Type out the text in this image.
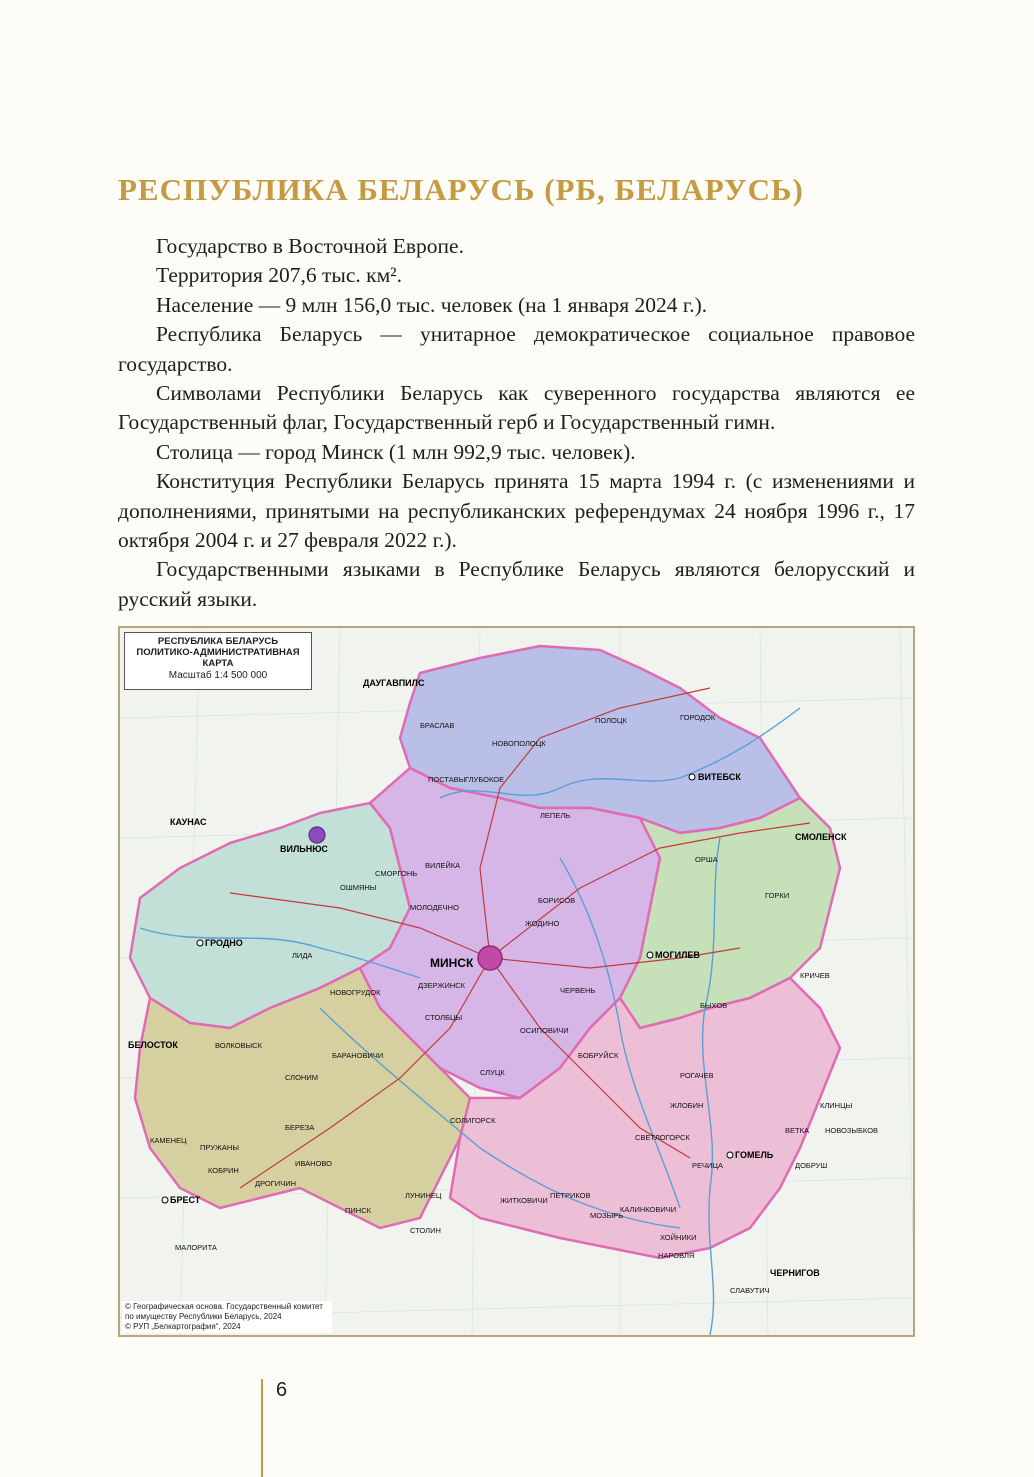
РЕСПУБЛИКА БЕЛАРУСЬ (РБ, БЕЛАРУСЬ)

Государство в Восточной Европе.

Территория 207,6 тыс. км².

Население — 9 млн 156,0 тыс. человек (на 1 января 2024 г.).

Республика Беларусь — унитарное демократическое социальное правовое государство.

Символами Республики Беларусь как суверенного государства являются ее Государственный флаг, Государственный герб и Государственный гимн.

Столица — город Минск (1 млн 992,9 тыс. человек).

Конституция Республики Беларусь принята 15 марта 1994 г. (с изменениями и дополнениями, принятыми на республиканских референдумах 24 ноября 1996 г., 17 октября 2004 г. и 27 февраля 2022 г.).

Государственными языками в Республике Беларусь являются белорусский и русский языки.

МИНСК
ВИТЕБСК
МОГИЛЕВ
ГРОДНО
БРЕСТ
ГОМЕЛЬ
ВИЛЬНЮС
КАУНАС
СМОЛЕНСК
БЕЛОСТОК
ЧЕРНИГОВ
ДАУГАВПИЛС
ПОЛОЦК
НОВОПОЛОЦК
ОРША
БОРИСОВ
ЛИДА
БАРАНОВИЧИ	БОБРУЙСК
ПИНСК
МОЗЫРЬ
СОЛИГОРСК
МОЛОДЕЧНО
ЖЛОБИН
РЕЧИЦА
СВЕТЛОГОРСК
СЛУЦК
ЖОДИНО
ГЛУБОКОЕ
ПОСТАВЫ
КОБРИН
ИВАНОВО
НОВОГРУДОК
КЛИНЦЫ
ГОРКИ
КРИЧЕВ
ДЗЕРЖИНСК
СТОЛБЦЫ
СМОРГОНЬ
ОШМЯНЫ
ЛУНИНЕЦ
ЖИТКОВИЧИ
КАЛИНКОВИЧИ
ХОЙНИКИ
ВИЛЕЙКА
ЛЕПЕЛЬ
ЧЕРВЕНЬ
БЫХОВ
СЛОНИМ
ВОЛКОВЫСК
ПРУЖАНЫ
СТОЛИН
РОГАЧЕВ
ОСИПОВИЧИ
ДОБРУШ
ВЕТКА
ПЕТРИКОВ
НАРОВЛЯ
БРАСЛАВ
ГОРОДОК
НОВОЗЫБКОВ
СЛАВУТИЧ
КАМЕНЕЦ
МАЛОРИТА
ДРОГИЧИН
БЕРЕЗА
РЕСПУБЛИКА БЕЛАРУСЬ
ПОЛИТИКО-АДМИНИСТРАТИВНАЯ
КАРТА
Масштаб 1:4 500 000
© Географическая основа. Государственный комитет
по имуществу Республики Беларусь, 2024
© РУП „Белкартография“, 2024
6
